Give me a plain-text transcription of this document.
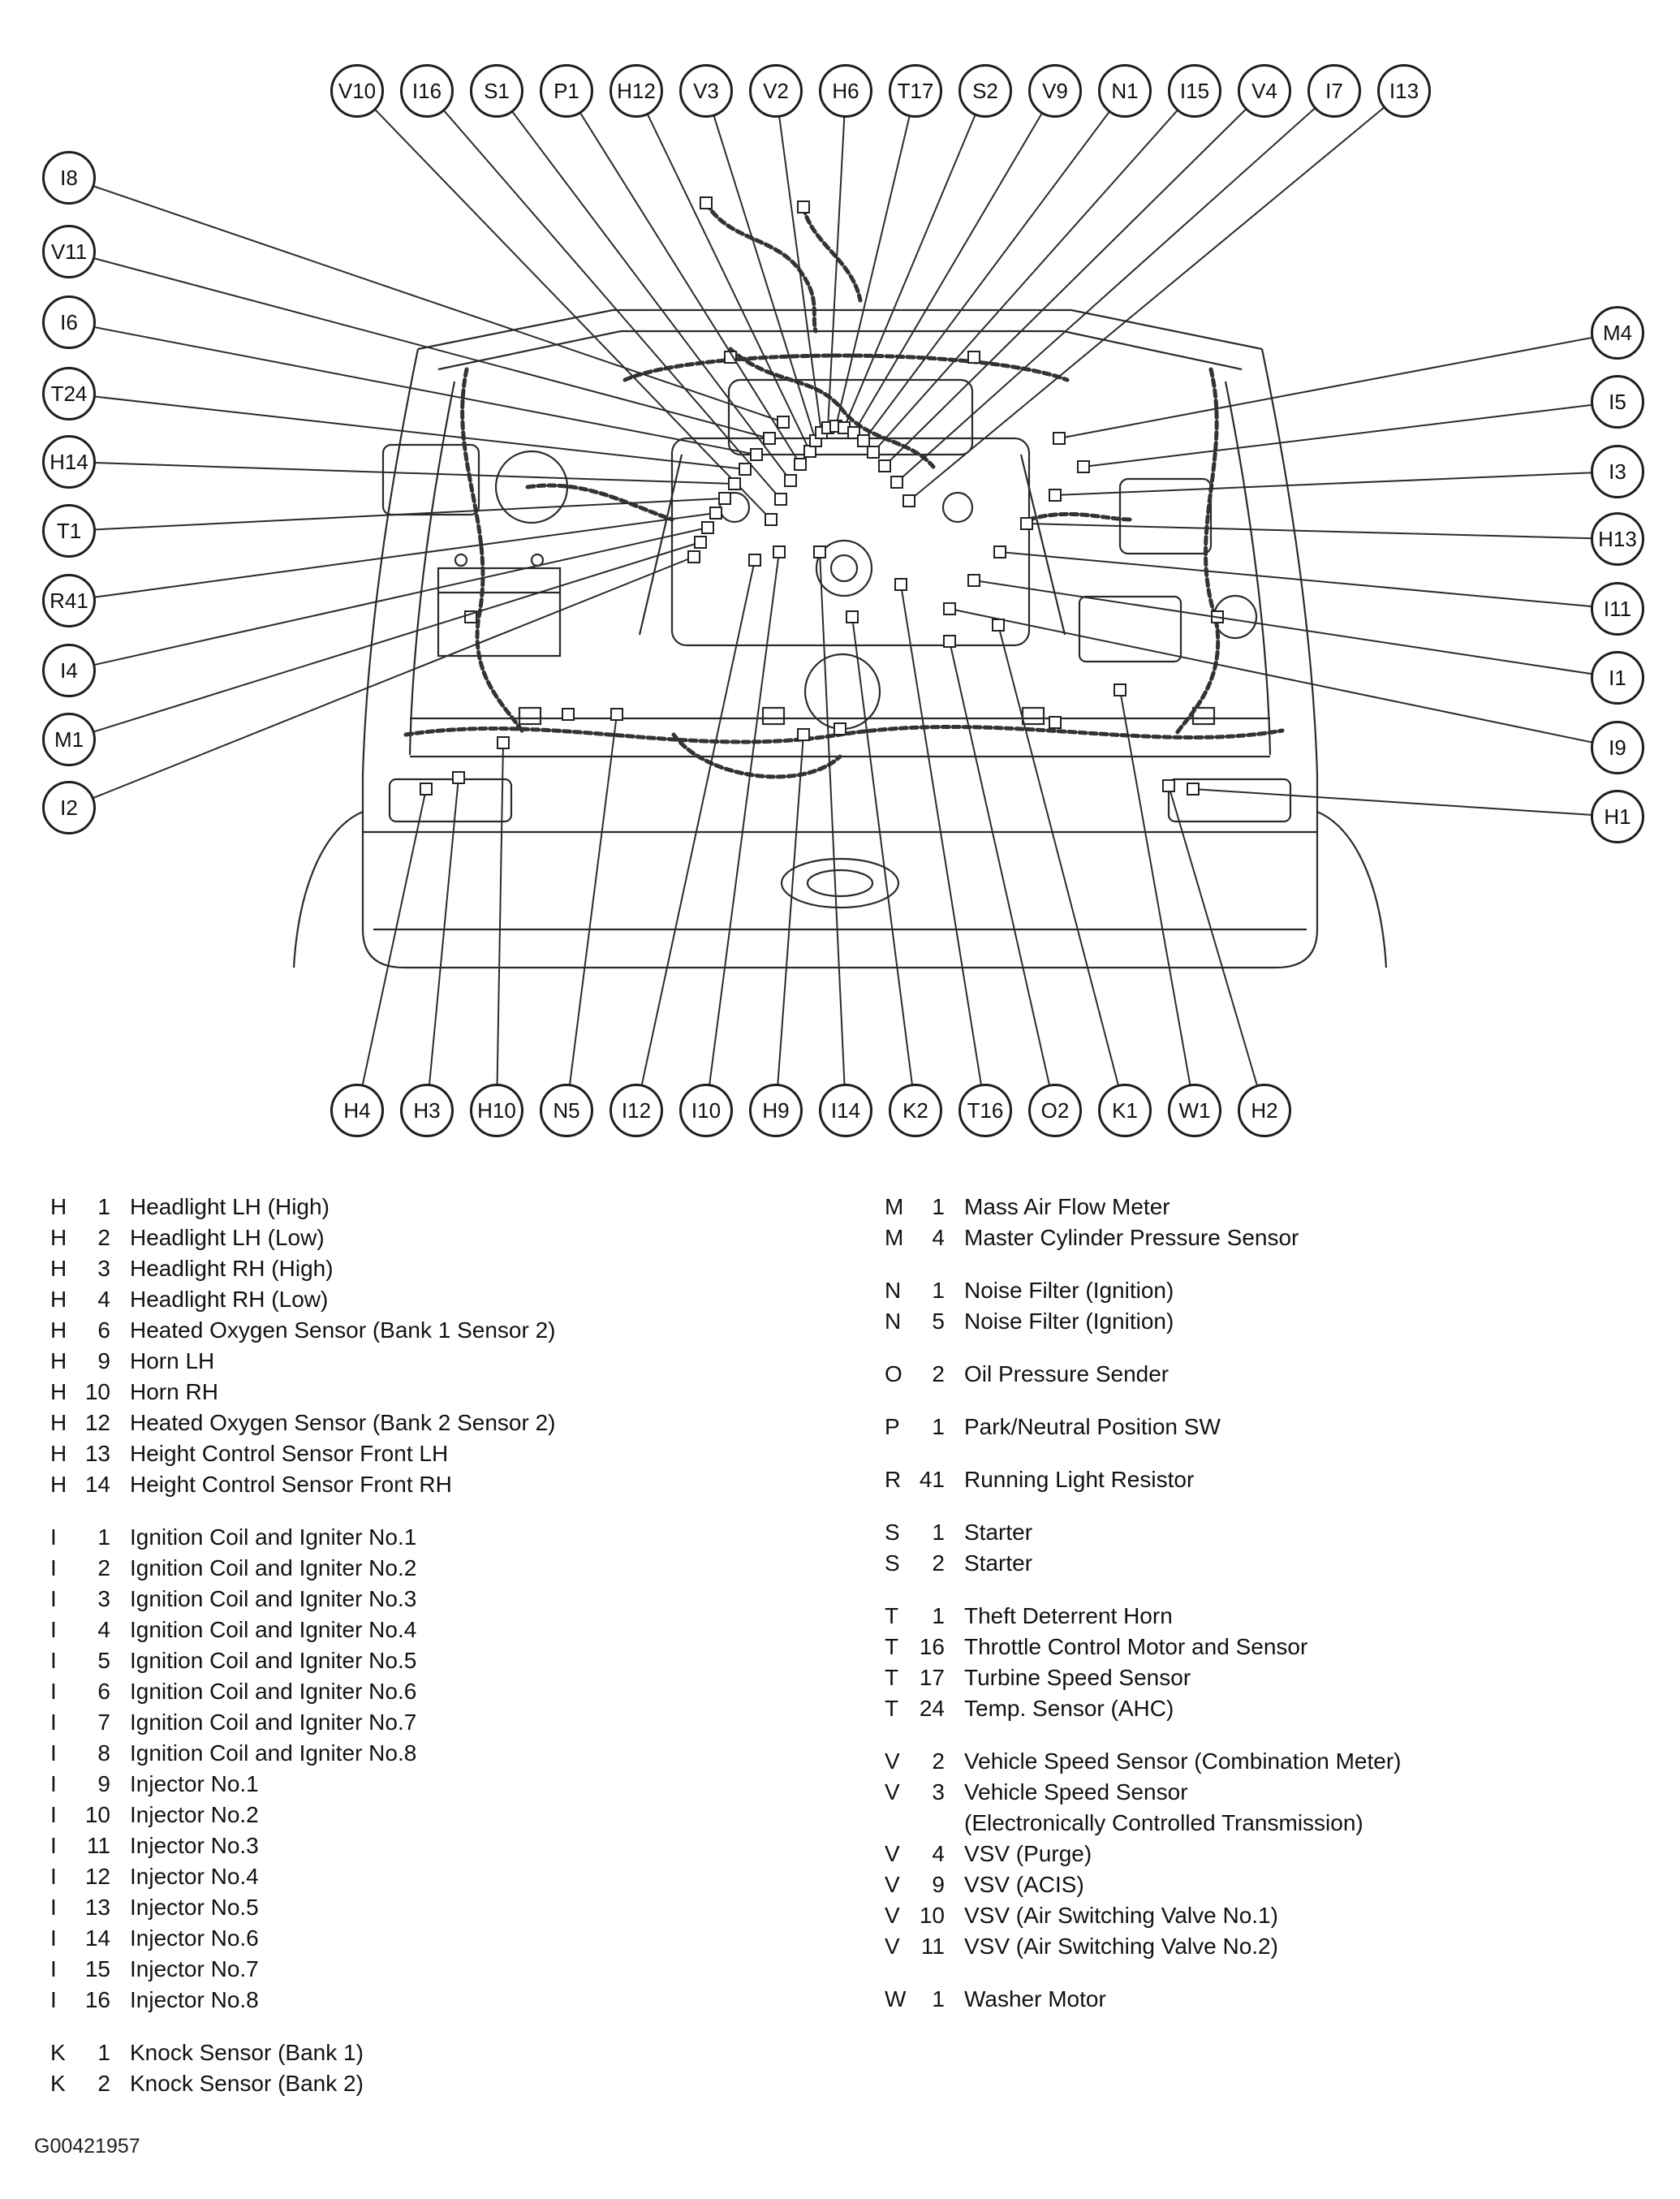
V10	I16	S1	P1	H12	V3	V2	H6	T17	S2	V9	N1	I15	V4	I7	I13
I8
V11
I6
T24
H14
T1
R41
I4
M1
I2
M4
I5
I3
H13
I11
I1
I9
H1
H4	H3	H10	N5	I12	I10	H9	I14	K2	T16	O2	K1	W1	H2
H	1 Headlight LH (High)
H	2 Headlight LH (Low)
H	3 Headlight RH (High)
H	4 Headlight RH (Low)
H	6 Heated Oxygen Sensor (Bank 1 Sensor 2)
H	9 Horn LH
H 10 Horn RH
H 12 Heated Oxygen Sensor (Bank 2 Sensor 2)
H 13 Height Control Sensor Front LH
H 14 Height Control Sensor Front RH
I	1 Ignition Coil and Igniter No.1
I	2 Ignition Coil and Igniter No.2
I	3 Ignition Coil and Igniter No.3
I	4 Ignition Coil and Igniter No.4
I	5 Ignition Coil and Igniter No.5
I	6 Ignition Coil and Igniter No.6
I	7 Ignition Coil and Igniter No.7
I	8 Ignition Coil and Igniter No.8
I	9 Injector No.1
I	10 Injector No.2
I	11 Injector No.3
I	12 Injector No.4
I	13 Injector No.5
I	14 Injector No.6
I	15 Injector No.7
I	16 Injector No.8
K	1 Knock Sensor (Bank 1)
K	2 Knock Sensor (Bank 2)
M	1 Mass Air Flow Meter
M	4 Master Cylinder Pressure Sensor
N	1 Noise Filter (Ignition)
N	5 Noise Filter (Ignition)
O	2 Oil Pressure Sender
P	1 Park/Neutral Position SW
R 41 Running Light Resistor
S	1 Starter
S	2 Starter
T	1 Theft Deterrent Horn
T 16 Throttle Control Motor and Sensor
T 17 Turbine Speed Sensor
T 24 Temp. Sensor (AHC)
V	2 Vehicle Speed Sensor (Combination Meter)
V	3 Vehicle Speed Sensor
(Electronically Controlled Transmission)
V	4 VSV (Purge)
V	9 VSV (ACIS)
V 10 VSV (Air Switching Valve No.1)
V 11 VSV (Air Switching Valve No.2)
W	1 Washer Motor
G00421957
